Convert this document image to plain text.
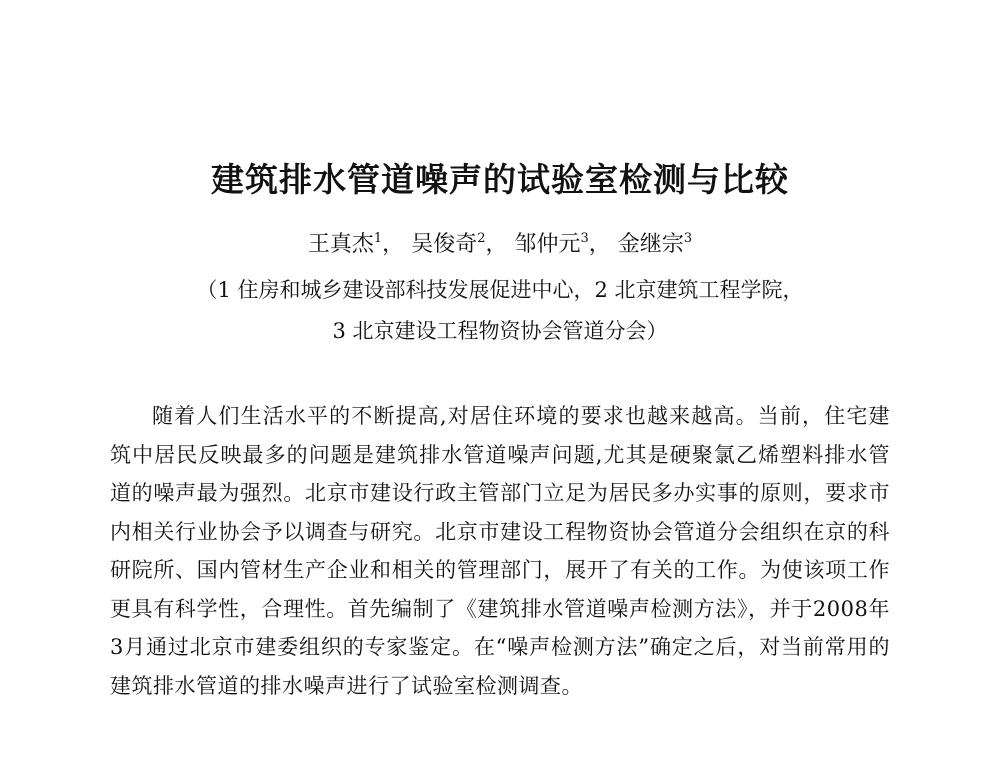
建筑排水管道噪声的试验室检测与比较
王真杰$^1$， 吴俊奇$^2$， 邹仲元$^3$， 金继宗$^3$
（1 住房和城乡建设部科技发展促进中心，2 北京建筑工程学院，
3 北京建设工程物资协会管道分会）
随着人们生活水平的不断提高,对居住环境的要求也越来越高。当前，住宅建筑中居民反映最多的问题是建筑排水管道噪声问题,尤其是硬聚氯乙烯塑料排水管道的噪声最为强烈。北京市建设行政主管部门立足为居民多办实事的原则，要求市内相关行业协会予以调查与研究。北京市建设工程物资协会管道分会组织在京的科研院所、国内管材生产企业和相关的管理部门，展开了有关的工作。为使该项工作更具有科学性，合理性。首先编制了《建筑排水管道噪声检测方法》，并于2008年3月通过北京市建委组织的专家鉴定。在“噪声检测方法”确定之后，对当前常用的建筑排水管道的排水噪声进行了试验室检测调查。
